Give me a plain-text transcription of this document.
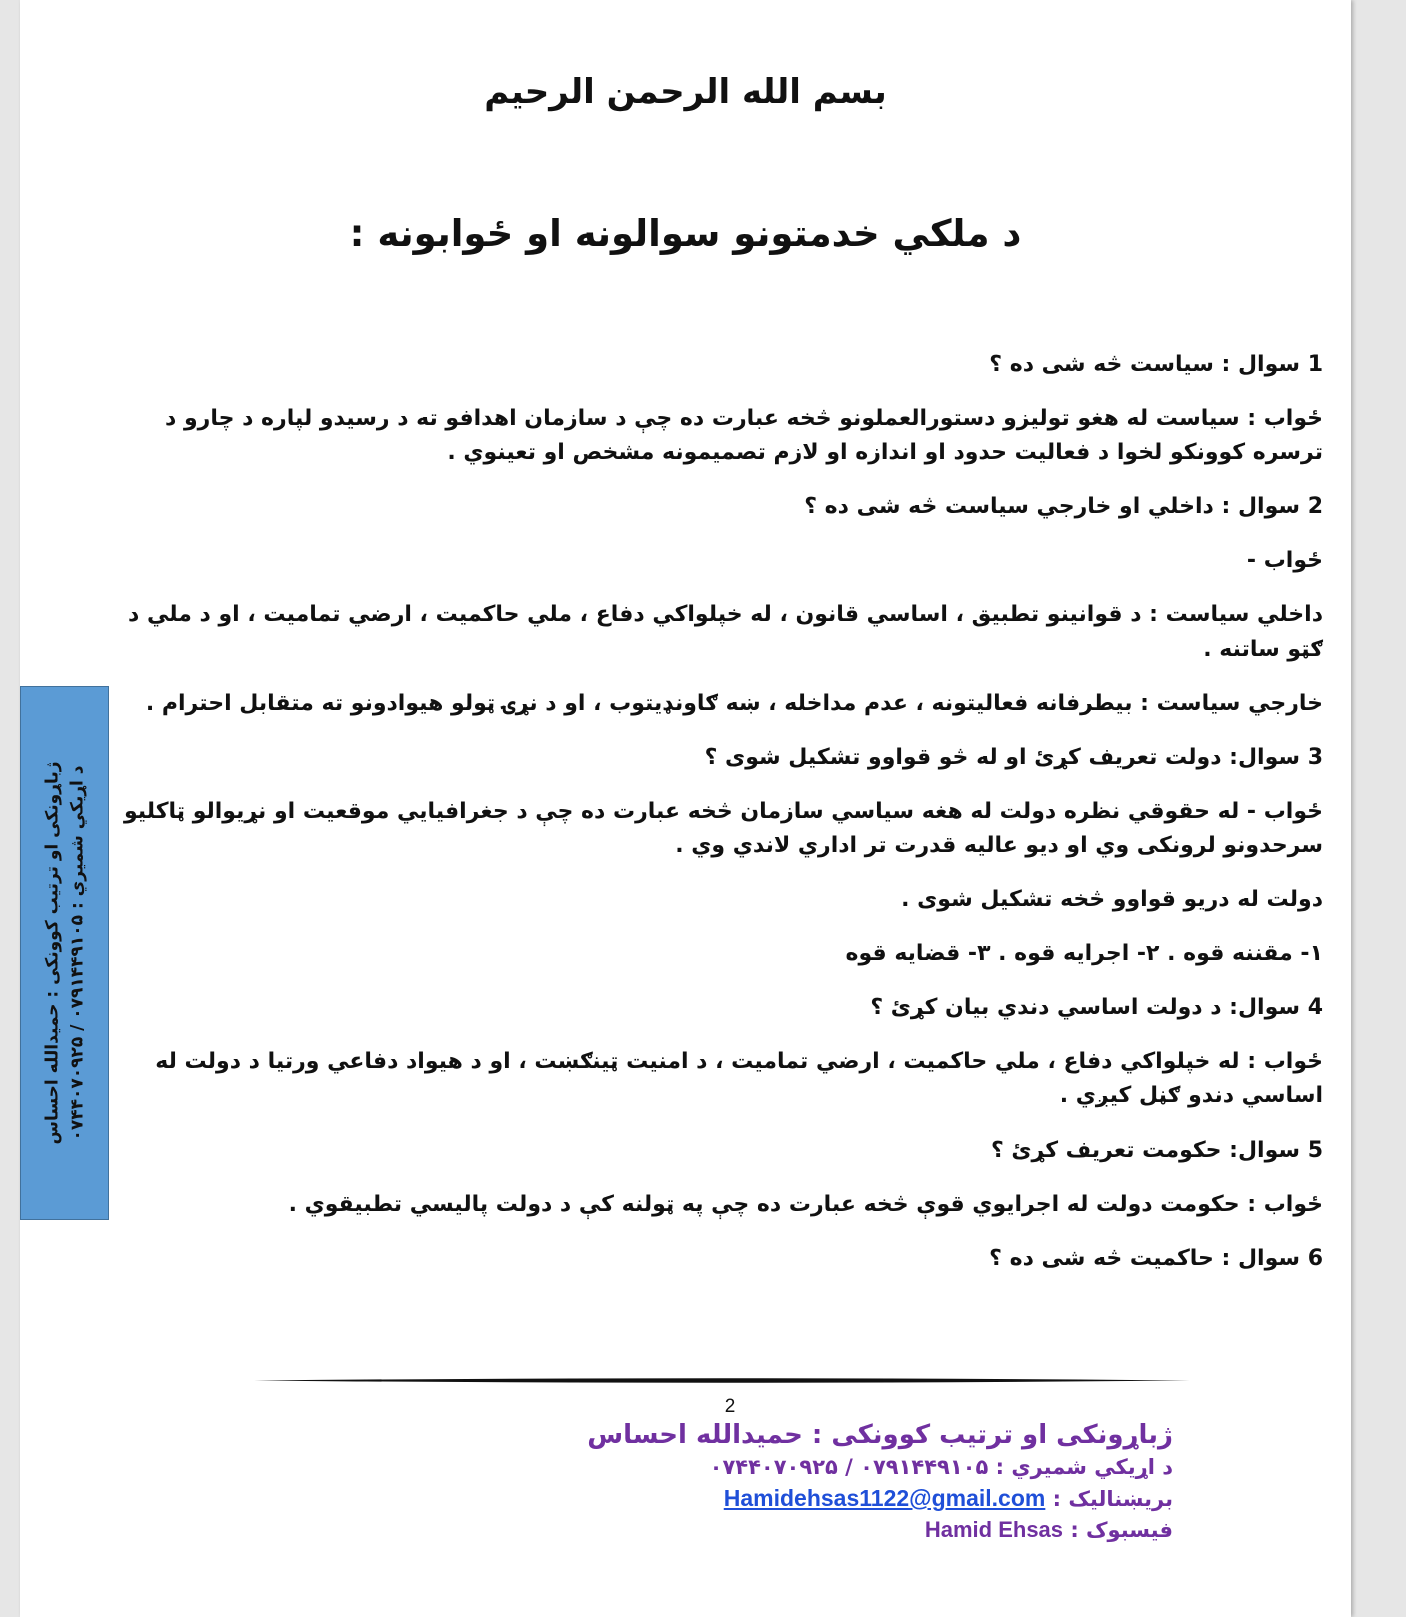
بسم الله الرحمن الرحيم
د ملکي خدمتونو سوالونه او ځوابونه :

1 سوال : سیاست څه شی ده ؟

ځواب : سیاست له هغو تولیزو دستورالعملونو څخه عبارت ده چې د سازمان اهدافو ته د رسیدو لپاره د چارو د ترسره کوونکو لخوا د فعالیت حدود او اندازه او لازم تصمیمونه مشخص او تعینوي .

2 سوال : داخلي او خارجي سیاست څه شی ده ؟

ځواب -

داخلي سیاست : د قوانینو تطبیق ، اساسي قانون ، له خپلواکي دفاع ، ملي حاکمیت ، ارضي تمامیت ، او د ملي د ګټو ساتنه .

خارجي سیاست : بیطرفانه فعالیتونه ، عدم مداخله ، ښه ګاونډیتوب ، او د نړۍ ټولو هیوادونو ته متقابل احترام .

3 سوال: دولت تعریف کړئ او له څو قواوو تشکیل شوی ؟

ځواب - له حقوقي نظره دولت له هغه سیاسي سازمان څخه عبارت ده چې د جغرافیایي موقعیت او نړیوالو ټاکلیو سرحدونو لرونکی وي او دیو عالیه قدرت تر اداري لاندي وي .

دولت له دریو قواوو څخه تشکیل شوی .

١- مقننه قوه . ٢- اجرایه قوه . ٣- قضایه قوه

4 سوال: د دولت اساسي دندي بیان کړئ ؟

ځواب : له خپلواکي دفاع ، ملي حاکمیت ، ارضي تمامیت ، د امنیت ټینګښت ، او د هیواد دفاعي ورتیا د دولت له اساسي دندو ګڼل کیږي .

5 سوال: حکومت تعریف کړئ ؟

ځواب : حکومت دولت له اجرایوي قوې څخه عبارت ده چې په ټولنه کې د دولت پالیسي تطبیقوي .

6 سوال : حاکمیت څه شی ده ؟

2
ژباړونکی او ترتیب کوونکی : حمیدالله احساس
د اړیکي شمیري : ۰۷۹۱۴۴۹۱۰۵ / ۰۷۴۴۰۷۰۹۲۵
بریښنالیک : Hamidehsas1122@gmail.com
فیسبوک : Hamid Ehsas
ژباړونکی او ترتیب کوونکی : حمیدالله احساس د اړیکي شمیري : ۰۷۹۱۴۴۹۱۰۵ / ۰۷۴۴۰۷۰۹۲۵
